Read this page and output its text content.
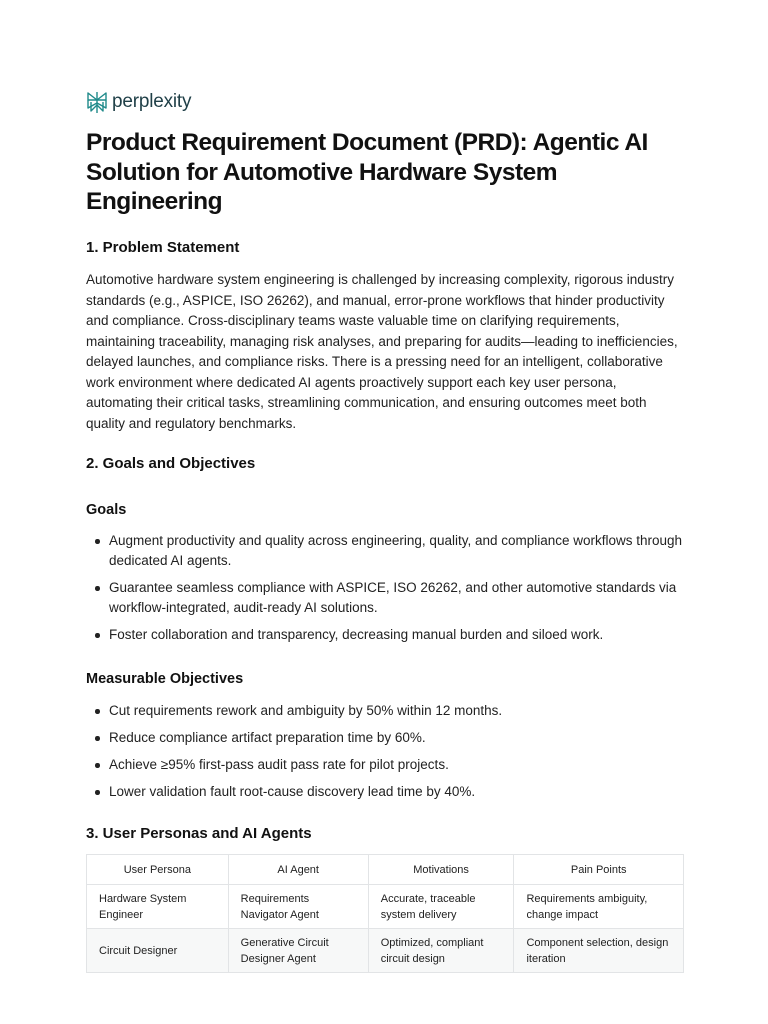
perplexity
Product Requirement Document (PRD): Agentic AI Solution for Automotive Hardware System Engineering
1. Problem Statement

Automotive hardware system engineering is challenged by increasing complexity, rigorous industry standards (e.g., ASPICE, ISO 26262), and manual, error-prone workflows that hinder productivity and compliance. Cross-disciplinary teams waste valuable time on clarifying requirements, maintaining traceability, managing risk analyses, and preparing for audits—leading to inefficiencies, delayed launches, and compliance risks. There is a pressing need for an intelligent, collaborative work environment where dedicated AI agents proactively support each key user persona, automating their critical tasks, streamlining communication, and ensuring outcomes meet both quality and regulatory benchmarks.

2. Goals and Objectives
Goals
Augment productivity and quality across engineering, quality, and compliance workflows through dedicated AI agents.
Guarantee seamless compliance with ASPICE, ISO 26262, and other automotive standards via workflow-integrated, audit-ready AI solutions.
Foster collaboration and transparency, decreasing manual burden and siloed work.
Measurable Objectives
Cut requirements rework and ambiguity by 50% within 12 months.
Reduce compliance artifact preparation time by 60%.
Achieve ≥95% first-pass audit pass rate for pilot projects.
Lower validation fault root-cause discovery lead time by 40%.
3. User Personas and AI Agents
User Persona	AI Agent	Motivations	Pain Points
Hardware System Engineer	Requirements Navigator Agent	Accurate, traceable system delivery	Requirements ambiguity, change impact
Circuit Designer	Generative Circuit Designer Agent	Optimized, compliant circuit design	Component selection, design iteration
